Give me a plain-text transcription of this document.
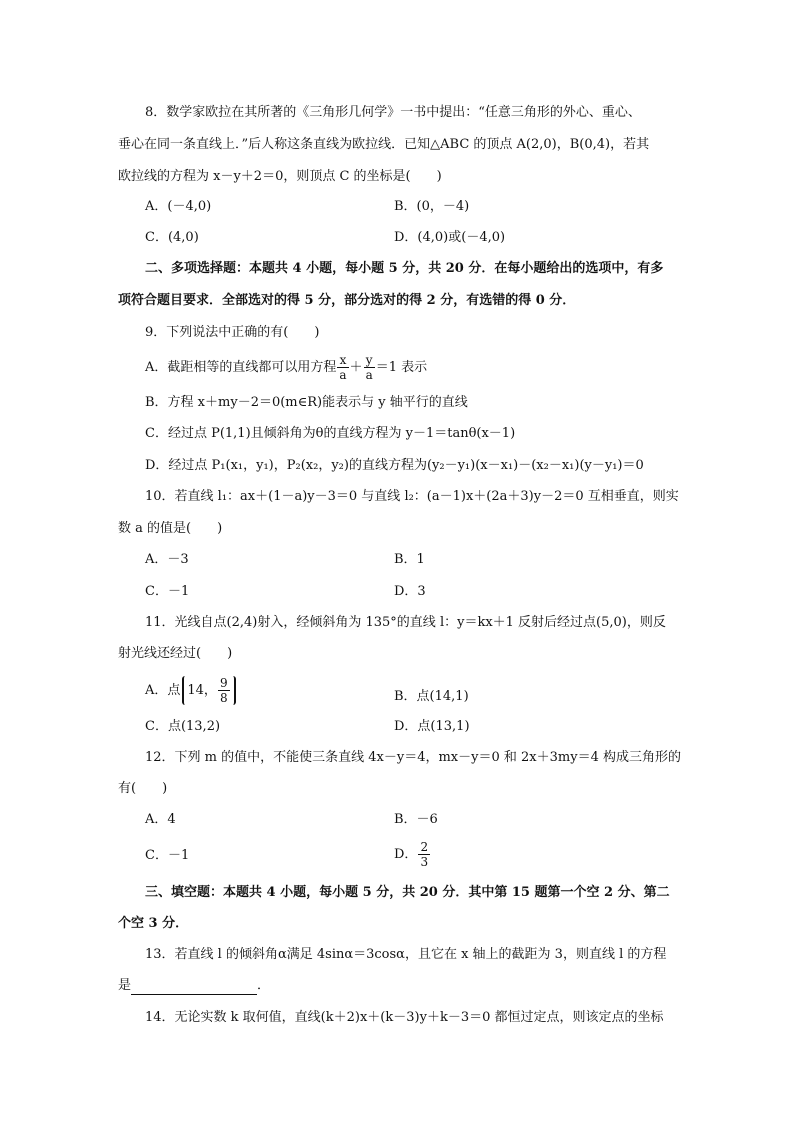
8．数学家欧拉在其所著的《三角形几何学》一书中提出：“任意三角形的外心、重心、
垂心在同一条直线上．”后人称这条直线为欧拉线．已知△ABC 的顶点 A(2,0)，B(0,4)，若其
欧拉线的方程为 x－y＋2＝0，则顶点 C 的坐标是(　　)
A．(－4,0)	B．(0，－4)
C．(4,0)	D．(4,0)或(－4,0)
二、多项选择题：本题共 4 小题，每小题 5 分，共 20 分．在每小题给出的选项中，有多
项符合题目要求．全部选对的得 5 分，部分选对的得 2 分，有选错的得 0 分．
9．下列说法中正确的有(　　)
A．截距相等的直线都可以用方程 $\frac{x}{a} + \frac{y}{a} =1$ 表示
B．方程 x＋my－2＝0(m∈R)能表示与 y 轴平行的直线
C．经过点 P(1,1)且倾斜角为θ的直线方程为 y－1＝tanθ(x－1)
D．经过点 P₁(x₁，y₁)，P₂(x₂，y₂)的直线方程为(y₂－y₁)(x－x₁)－(x₂－x₁)(y－y₁)＝0
10．若直线 l₁：ax＋(1－a)y－3＝0 与直线 l₂：(a－1)x＋(2a＋3)y－2＝0 互相垂直，则实
数 a 的值是(　　)
A．－3	B．1
C．－1	D．3
11．光线自点(2,4)射入，经倾斜角为 135°的直线 l：y＝kx＋1 反射后经过点(5,0)，则反
射光线还经过(　　)
A．点 14， $\frac{9}{8}$	B．点(14,1)
C．点(13,2)	D．点(13,1)
12．下列 m 的值中，不能使三条直线 4x－y＝4，mx－y＝0 和 2x＋3my＝4 构成三角形的
有(　　)
A．4	B．－6
C．－1	D． $\frac{2}{3}$
三、填空题：本题共 4 小题，每小题 5 分，共 20 分．其中第 15 题第一个空 2 分、第二
个空 3 分．
13．若直线 l 的倾斜角α满足 4sinα＝3cosα，且它在 x 轴上的截距为 3，则直线 l 的方程
是	．
14．无论实数 k 取何值，直线(k＋2)x＋(k－3)y＋k－3＝0 都恒过定点，则该定点的坐标
